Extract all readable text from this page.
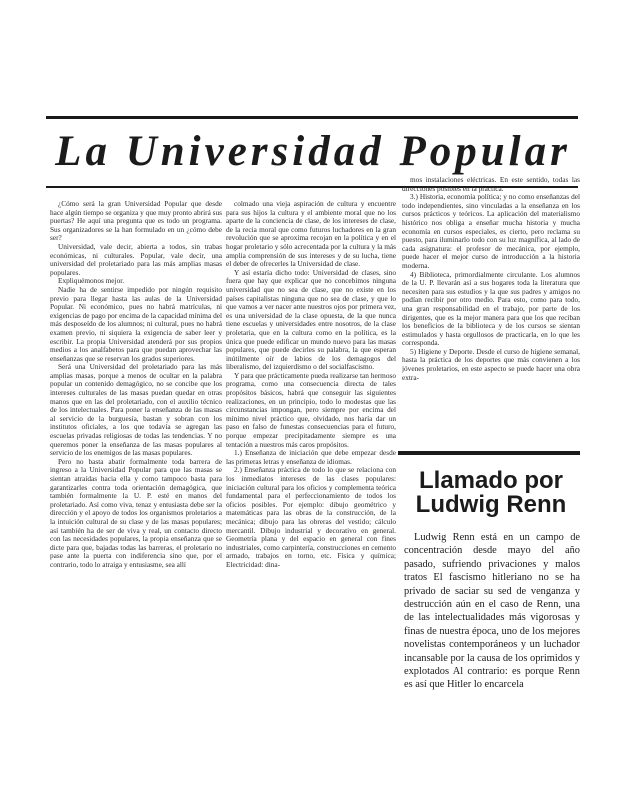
La Universidad Popular

¿Cómo será la gran Universidad Popular que desde hace algún tiempo se organiza y que muy pronto abrirá sus puertas? He aquí una pregunta que es todo un programa. Sus organizadores se la han formulado en un ¿cómo debe ser?

Universidad, vale decir, abierta a todos, sin trabas económicas, ni culturales. Popular, vale decir, una universidad del proletariado para las más amplias masas populares.

Expliquémonos mejor.

Nadie ha de sentirse impedido por ningún requisito previo para llegar hasta las aulas de la Universidad Popular. Ni económico, pues no habrá matrículas, ni exigencias de pago por encima de la capacidad mínima del más desposeído de los alumnos; ni cultural, pues no habrá examen previo, ni siquiera la exigencia de saber leer y escribir. La propia Universidad atenderá por sus propios medios a los analfabetos para que puedan aprovechar las enseñanzas que se reservan los grados superiores.

Será una Universidad del proletariado para las más amplias masas, porque a menos de ocultar en la palabra popular un contenido demagógico, no se concibe que los intereses culturales de las masas puedan quedar en otras manos que en las del proletariado, con el auxilio técnico de los intelectuales. Para poner la enseñanza de las masas al servicio de la burguesía, bastan y sobran con los institutos oficiales, a los que todavía se agregan las escuelas privadas religiosas de todas las tendencias. Y no queremos poner la enseñanza de las masas populares al servicio de los enemigos de las masas populares.

Pero no basta abatir formalmente toda barrera de ingreso a la Universidad Popular para que las masas se sientan atraídas hacia ella y como tampoco basta para garantizarles contra toda orientación demagógica, que también formalmente la U. P. esté en manos del proletariado. Así como viva, tenaz y entusiasta debe ser la dirección y el apoyo de todos los organismos proletarios a la intuición cultural de su clase y de las masas populares; así también ha de ser de viva y real, un contacto directo con las necesidades populares, la propia enseñanza que se dicte para que, bajadas todas las barreras, el proletario no pase ante la puerta con indiferencia sino que, por el contrario, todo lo atraiga y entusiasme, sea allí

colmado una vieja aspiración de cultura y encuentre para sus hijos la cultura y el ambiente moral que no los aparte de la conciencia de clase, de los intereses de clase, de la recia moral que como futuros luchadores en la gran revolución que se aproxima recojan en la política y en el hogar proletario y sólo acrecentada por la cultura y la más amplia comprensión de sus intereses y de su lucha, tiene el deber de ofrecerles la Universidad de clase.

Y así estaría dicho todo: Universidad de clases, sino fuera que hay que explicar que no concebimos ninguna universidad que no sea de clase, que no existe en los países capitalistas ninguna que no sea de clase, y que lo que vamos a ver nacer ante nuestros ojos por primera vez, es una universidad de la clase opuesta, de la que nunca tiene escuelas y universidades entre nosotros, de la clase proletaria, que en la cultura como en la política, es la única que puede edificar un mundo nuevo para las masas populares, que puede decirles su palabra, la que esperan inútilmente oír de labios de los demagogos del liberalismo, del izquierdismo o del socialfascismo.

Y para que prácticamente pueda realizarse tan hermoso programa, como una consecuencia directa de tales propósitos básicos, habrá que conseguir las siguientes realizaciones, en un principio, todo lo modestas que las circunstancias impongan, pero siempre por encima del mínimo nivel práctico que, olvidado, nos haría dar un paso en falso de funestas consecuencias para el futuro, porque empezar precipitadamente siempre es una tentación a nuestros más caros propósitos.

1.) Enseñanza de iniciación que debe empezar desde las primeras letras y enseñanza de idiomas.

2.) Enseñanza práctica de todo lo que se relaciona con los inmediatos intereses de las clases populares: iniciación cultural para los oficios y complementa teórica fundamental para el perfeccionamiento de todos los oficios posibles. Por ejemplo: dibujo geométrico y matemáticas para las obras de la construcción, de la mecánica; dibujo para las obreras del vestido; cálculo mercantil. Dibujo industrial y decorativo en general. Geometría plana y del espacio en general con fines industriales, como carpintería, construcciones en cemento armado, trabajos en torno, etc. Física y química; Electricidad: dina-

mos instalaciones eléctricas. En este sentido, todas las direcciones posibles en la práctica.

3.) Historia, economía política; y no como enseñanzas del todo independientes, sino vinculadas a la enseñanza en los cursos prácticos y teóricos. La aplicación del materialismo histórico nos obliga a enseñar mucha historia y mucha economía en cursos especiales, es cierto, pero reclama su puesto, para iluminarlo todo con su luz magnífica, al lado de cada asignatura: el profesor de mecánica, por ejemplo, puede hacer el mejor curso de introducción a la historia moderna.

4) Biblioteca, primordialmente circulante. Los alumnos de la U. P. llevarán así a sus hogares toda la literatura que necesiten para sus estudios y la que sus padres y amigos no podían recibir por otro medio. Para esto, como para todo, una gran responsabilidad en el trabajo, por parte de los dirigentes, que es la mejor manera para que los que reciban los beneficios de la biblioteca y de los cursos se sientan estimulados y hasta orgullosos de practicarla, en lo que les corresponda.

5) Higiene y Deporte. Desde el curso de higiene semanal, hasta la práctica de los deportes que más convienen a los jóvenes proletarios, en este aspecto se puede hacer una obra extra-

Llamado por
Ludwig Renn

Ludwig Renn está en un campo de concentración desde mayo del año pasado, sufriendo privaciones y malos tratos El fascismo hitleriano no se ha privado de saciar su sed de venganza y destrucción aún en el caso de Renn, una de las intelectualidades más vigorosas y finas de nuestra época, uno de los mejores novelistas contemporáneos y un luchador incansable por la causa de los oprimidos y explotados Al contrario: es porque Renn es así que Hitler lo encarcela
